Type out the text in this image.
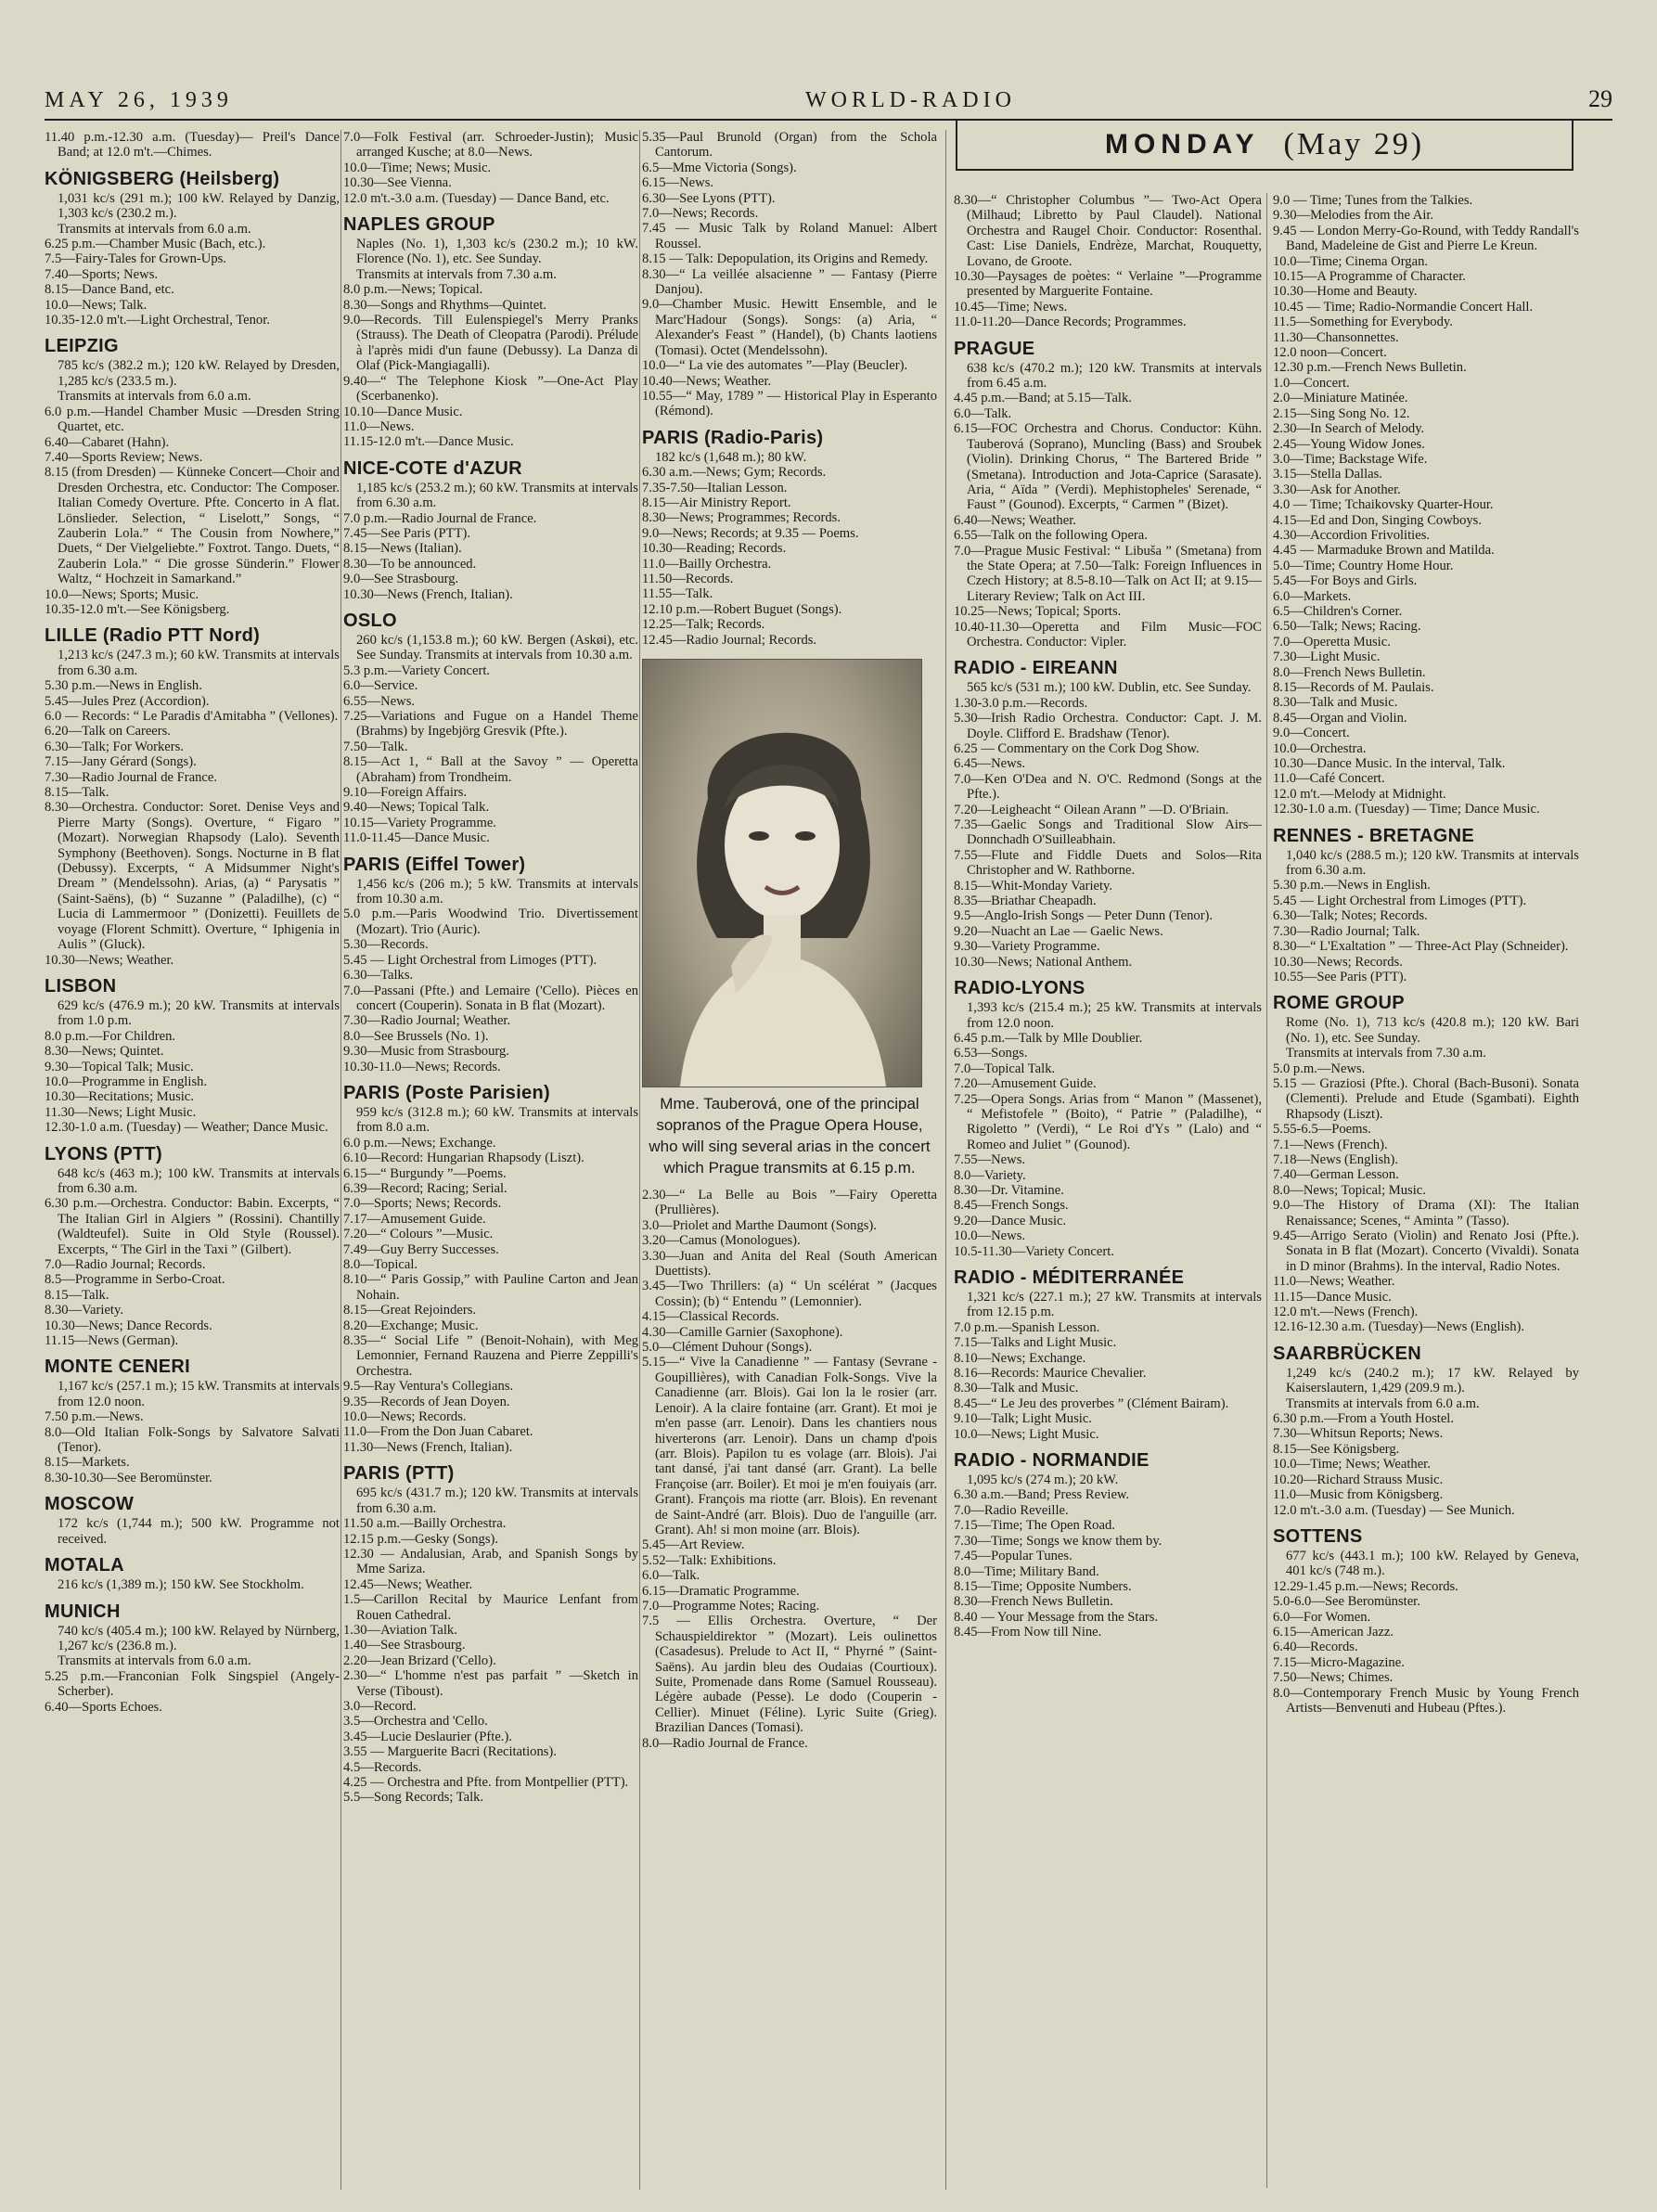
MAY 26, 1939	WORLD-RADIO	29
MONDAY (May 29)

11.40 p.m.-12.30 a.m. (Tuesday)— Preil's Dance Band; at 12.0 m't.—Chimes.

KÖNIGSBERG (Heilsberg)

1,031 kc/s (291 m.); 100 kW. Relayed by Danzig, 1,303 kc/s (230.2 m.).

Transmits at intervals from 6.0 a.m.

6.25 p.m.—Chamber Music (Bach, etc.).

7.5—Fairy-Tales for Grown-Ups.

7.40—Sports; News.

8.15—Dance Band, etc.

10.0—News; Talk.

10.35-12.0 m't.—Light Orchestral, Tenor.

LEIPZIG

785 kc/s (382.2 m.); 120 kW. Relayed by Dresden, 1,285 kc/s (233.5 m.).

Transmits at intervals from 6.0 a.m.

6.0 p.m.—Handel Chamber Music —Dresden String Quartet, etc.

6.40—Cabaret (Hahn).

7.40—Sports Review; News.

8.15 (from Dresden) — Künneke Concert—Choir and Dresden Orchestra, etc. Conductor: The Composer. Italian Comedy Overture. Pfte. Concerto in A flat. Lönslieder. Selection, “ Liselott,” Songs, “ Zauberin Lola.” “ The Cousin from Nowhere,” Duets, “ Der Vielgeliebte.” Foxtrot. Tango. Duets, “ Zauberin Lola.” “ Die grosse Sünderin.” Flower Waltz, “ Hochzeit in Samarkand.”

10.0—News; Sports; Music.

10.35-12.0 m't.—See Königsberg.

LILLE (Radio PTT Nord)

1,213 kc/s (247.3 m.); 60 kW. Transmits at intervals from 6.30 a.m.

5.30 p.m.—News in English.

5.45—Jules Prez (Accordion).

6.0 — Records: “ Le Paradis d'Amitabha ” (Vellones).

6.20—Talk on Careers.

6.30—Talk; For Workers.

7.15—Jany Gérard (Songs).

7.30—Radio Journal de France.

8.15—Talk.

8.30—Orchestra. Conductor: Soret. Denise Veys and Pierre Marty (Songs). Overture, “ Figaro ” (Mozart). Norwegian Rhapsody (Lalo). Seventh Symphony (Beethoven). Songs. Nocturne in B flat (Debussy). Excerpts, “ A Midsummer Night's Dream ” (Mendelssohn). Arias, (a) “ Parysatis ” (Saint-Saëns), (b) “ Suzanne ” (Paladilhe), (c) “ Lucia di Lammermoor ” (Donizetti). Feuillets de voyage (Florent Schmitt). Overture, “ Iphigenia in Aulis ” (Gluck).

10.30—News; Weather.

LISBON

629 kc/s (476.9 m.); 20 kW. Transmits at intervals from 1.0 p.m.

8.0 p.m.—For Children.

8.30—News; Quintet.

9.30—Topical Talk; Music.

10.0—Programme in English.

10.30—Recitations; Music.

11.30—News; Light Music.

12.30-1.0 a.m. (Tuesday) — Weather; Dance Music.

LYONS (PTT)

648 kc/s (463 m.); 100 kW. Transmits at intervals from 6.30 a.m.

6.30 p.m.—Orchestra. Conductor: Babin. Excerpts, “ The Italian Girl in Algiers ” (Rossini). Chantilly (Waldteufel). Suite in Old Style (Roussel). Excerpts, “ The Girl in the Taxi ” (Gilbert).

7.0—Radio Journal; Records.

8.5—Programme in Serbo-Croat.

8.15—Talk.

8.30—Variety.

10.30—News; Dance Records.

11.15—News (German).

MONTE CENERI

1,167 kc/s (257.1 m.); 15 kW. Transmits at intervals from 12.0 noon.

7.50 p.m.—News.

8.0—Old Italian Folk-Songs by Salvatore Salvati (Tenor).

8.15—Markets.

8.30-10.30—See Beromünster.

MOSCOW

172 kc/s (1,744 m.); 500 kW. Programme not received.

MOTALA

216 kc/s (1,389 m.); 150 kW. See Stockholm.

MUNICH

740 kc/s (405.4 m.); 100 kW. Relayed by Nürnberg, 1,267 kc/s (236.8 m.).

Transmits at intervals from 6.0 a.m.

5.25 p.m.—Franconian Folk Singspiel (Angely-Scherber).

6.40—Sports Echoes.

7.0—Folk Festival (arr. Schroeder-Justin); Music arranged Kusche; at 8.0—News.

10.0—Time; News; Music.

10.30—See Vienna.

12.0 m't.-3.0 a.m. (Tuesday) — Dance Band, etc.

NAPLES GROUP

Naples (No. 1), 1,303 kc/s (230.2 m.); 10 kW. Florence (No. 1), etc. See Sunday.

Transmits at intervals from 7.30 a.m.

8.0 p.m.—News; Topical.

8.30—Songs and Rhythms—Quintet.

9.0—Records. Till Eulenspiegel's Merry Pranks (Strauss). The Death of Cleopatra (Parodi). Prélude à l'après midi d'un faune (Debussy). La Danza di Olaf (Pick-Mangiagalli).

9.40—“ The Telephone Kiosk ”—One-Act Play (Scerbanenko).

10.10—Dance Music.

11.0—News.

11.15-12.0 m't.—Dance Music.

NICE-COTE d'AZUR

1,185 kc/s (253.2 m.); 60 kW. Transmits at intervals from 6.30 a.m.

7.0 p.m.—Radio Journal de France.

7.45—See Paris (PTT).

8.15—News (Italian).

8.30—To be announced.

9.0—See Strasbourg.

10.30—News (French, Italian).

OSLO

260 kc/s (1,153.8 m.); 60 kW. Bergen (Askøi), etc. See Sunday. Transmits at intervals from 10.30 a.m.

5.3 p.m.—Variety Concert.

6.0—Service.

6.55—News.

7.25—Variations and Fugue on a Handel Theme (Brahms) by Ingebjörg Gresvik (Pfte.).

7.50—Talk.

8.15—Act 1, “ Ball at the Savoy ” — Operetta (Abraham) from Trondheim.

9.10—Foreign Affairs.

9.40—News; Topical Talk.

10.15—Variety Programme.

11.0-11.45—Dance Music.

PARIS (Eiffel Tower)

1,456 kc/s (206 m.); 5 kW. Transmits at intervals from 10.30 a.m.

5.0 p.m.—Paris Woodwind Trio. Divertissement (Mozart). Trio (Auric).

5.30—Records.

5.45 — Light Orchestral from Limoges (PTT).

6.30—Talks.

7.0—Passani (Pfte.) and Lemaire ('Cello). Pièces en concert (Couperin). Sonata in B flat (Mozart).

7.30—Radio Journal; Weather.

8.0—See Brussels (No. 1).

9.30—Music from Strasbourg.

10.30-11.0—News; Records.

PARIS (Poste Parisien)

959 kc/s (312.8 m.); 60 kW. Transmits at intervals from 8.0 a.m.

6.0 p.m.—News; Exchange.

6.10—Record: Hungarian Rhapsody (Liszt).

6.15—“ Burgundy ”—Poems.

6.39—Record; Racing; Serial.

7.0—Sports; News; Records.

7.17—Amusement Guide.

7.20—“ Colours ”—Music.

7.49—Guy Berry Successes.

8.0—Topical.

8.10—“ Paris Gossip,” with Pauline Carton and Jean Nohain.

8.15—Great Rejoinders.

8.20—Exchange; Music.

8.35—“ Social Life ” (Benoit-Nohain), with Meg Lemonnier, Fernand Rauzena and Pierre Zeppilli's Orchestra.

9.5—Ray Ventura's Collegians.

9.35—Records of Jean Doyen.

10.0—News; Records.

11.0—From the Don Juan Cabaret.

11.30—News (French, Italian).

PARIS (PTT)

695 kc/s (431.7 m.); 120 kW. Transmits at intervals from 6.30 a.m.

11.50 a.m.—Bailly Orchestra.

12.15 p.m.—Gesky (Songs).

12.30 — Andalusian, Arab, and Spanish Songs by Mme Sariza.

12.45—News; Weather.

1.5—Carillon Recital by Maurice Lenfant from Rouen Cathedral.

1.30—Aviation Talk.

1.40—See Strasbourg.

2.20—Jean Brizard ('Cello).

2.30—“ L'homme n'est pas parfait ” —Sketch in Verse (Tiboust).

3.0—Record.

3.5—Orchestra and 'Cello.

3.45—Lucie Deslaurier (Pfte.).

3.55 — Marguerite Bacri (Recitations).

4.5—Records.

4.25 — Orchestra and Pfte. from Montpellier (PTT).

5.5—Song Records; Talk.

5.35—Paul Brunold (Organ) from the Schola Cantorum.

6.5—Mme Victoria (Songs).

6.15—News.

6.30—See Lyons (PTT).

7.0—News; Records.

7.45 — Music Talk by Roland Manuel: Albert Roussel.

8.15 — Talk: Depopulation, its Origins and Remedy.

8.30—“ La veillée alsacienne ” — Fantasy (Pierre Danjou).

9.0—Chamber Music. Hewitt Ensemble, and le Marc'Hadour (Songs). Songs: (a) Aria, “ Alexander's Feast ” (Handel), (b) Chants laotiens (Tomasi). Octet (Mendelssohn).

10.0—“ La vie des automates ”—Play (Beucler).

10.40—News; Weather.

10.55—“ May, 1789 ” — Historical Play in Esperanto (Rémond).

PARIS (Radio-Paris)

182 kc/s (1,648 m.); 80 kW.

6.30 a.m.—News; Gym; Records.

7.35-7.50—Italian Lesson.

8.15—Air Ministry Report.

8.30—News; Programmes; Records.

9.0—News; Records; at 9.35 — Poems.

10.30—Reading; Records.

11.0—Bailly Orchestra.

11.50—Records.

11.55—Talk.

12.10 p.m.—Robert Buguet (Songs).

12.25—Talk; Records.

12.45—Radio Journal; Records.

Mme. Tauberová, one of the principal sopranos of the Prague Opera House, who will sing several arias in the concert which Prague transmits at 6.15 p.m.

2.30—“ La Belle au Bois ”—Fairy Operetta (Prullières).

3.0—Priolet and Marthe Daumont (Songs).

3.20—Camus (Monologues).

3.30—Juan and Anita del Real (South American Duettists).

3.45—Two Thrillers: (a) “ Un scélérat ” (Jacques Cossin); (b) “ Entendu ” (Lemonnier).

4.15—Classical Records.

4.30—Camille Garnier (Saxophone).

5.0—Clément Duhour (Songs).

5.15—“ Vive la Canadienne ” — Fantasy (Sevrane - Goupillières), with Canadian Folk-Songs. Vive la Canadienne (arr. Blois). Gai lon la le rosier (arr. Lenoir). A la claire fontaine (arr. Grant). Et moi je m'en passe (arr. Lenoir). Dans les chantiers nous hiverterons (arr. Lenoir). Dans un champ d'pois (arr. Blois). Papilon tu es volage (arr. Blois). J'ai tant dansé, j'ai tant dansé (arr. Grant). La belle Françoise (arr. Boiler). Et moi je m'en fouiyais (arr. Grant). François ma riotte (arr. Blois). En revenant de Saint-André (arr. Blois). Duo de l'anguille (arr. Grant). Ah! si mon moine (arr. Blois).

5.45—Art Review.

5.52—Talk: Exhibitions.

6.0—Talk.

6.15—Dramatic Programme.

7.0—Programme Notes; Racing.

7.5 — Ellis Orchestra. Overture, “ Der Schauspieldirektor ” (Mozart). Leis oulinettos (Casadesus). Prelude to Act II, “ Phyrné ” (Saint-Saëns). Au jardin bleu des Oudaias (Courtioux). Suite, Promenade dans Rome (Samuel Rousseau). Légère aubade (Pesse). Le dodo (Couperin - Cellier). Minuet (Féline). Lyric Suite (Grieg). Brazilian Dances (Tomasi).

8.0—Radio Journal de France.

8.30—“ Christopher Columbus ”— Two-Act Opera (Milhaud; Libretto by Paul Claudel). National Orchestra and Raugel Choir. Conductor: Rosenthal. Cast: Lise Daniels, Endrèze, Marchat, Rouquetty, Lovano, de Groote.

10.30—Paysages de poètes: “ Verlaine ”—Programme presented by Marguerite Fontaine.

10.45—Time; News.

11.0-11.20—Dance Records; Programmes.

PRAGUE

638 kc/s (470.2 m.); 120 kW. Transmits at intervals from 6.45 a.m.

4.45 p.m.—Band; at 5.15—Talk.

6.0—Talk.

6.15—FOC Orchestra and Chorus. Conductor: Kühn. Tauberová (Soprano), Muncling (Bass) and Sroubek (Violin). Drinking Chorus, “ The Bartered Bride ” (Smetana). Introduction and Jota-Caprice (Sarasate). Aria, “ Aïda ” (Verdi). Mephistopheles' Serenade, “ Faust ” (Gounod). Excerpts, “ Carmen ” (Bizet).

6.40—News; Weather.

6.55—Talk on the following Opera.

7.0—Prague Music Festival: “ Libuša ” (Smetana) from the State Opera; at 7.50—Talk: Foreign Influences in Czech History; at 8.5-8.10—Talk on Act II; at 9.15—Literary Review; Talk on Act III.

10.25—News; Topical; Sports.

10.40-11.30—Operetta and Film Music—FOC Orchestra. Conductor: Vipler.

RADIO - EIREANN

565 kc/s (531 m.); 100 kW. Dublin, etc. See Sunday.

1.30-3.0 p.m.—Records.

5.30—Irish Radio Orchestra. Conductor: Capt. J. M. Doyle. Clifford E. Bradshaw (Tenor).

6.25 — Commentary on the Cork Dog Show.

6.45—News.

7.0—Ken O'Dea and N. O'C. Redmond (Songs at the Pfte.).

7.20—Leigheacht “ Oilean Arann ” —D. O'Briain.

7.35—Gaelic Songs and Traditional Slow Airs—Donnchadh O'Suilleabhain.

7.55—Flute and Fiddle Duets and Solos—Rita Christopher and W. Rathborne.

8.15—Whit-Monday Variety.

8.35—Briathar Cheapadh.

9.5—Anglo-Irish Songs — Peter Dunn (Tenor).

9.20—Nuacht an Lae — Gaelic News.

9.30—Variety Programme.

10.30—News; National Anthem.

RADIO-LYONS

1,393 kc/s (215.4 m.); 25 kW. Transmits at intervals from 12.0 noon.

6.45 p.m.—Talk by Mlle Doublier.

6.53—Songs.

7.0—Topical Talk.

7.20—Amusement Guide.

7.25—Opera Songs. Arias from “ Manon ” (Massenet), “ Mefistofele ” (Boito), “ Patrie ” (Paladilhe), “ Rigoletto ” (Verdi), “ Le Roi d'Ys ” (Lalo) and “ Romeo and Juliet ” (Gounod).

7.55—News.

8.0—Variety.

8.30—Dr. Vitamine.

8.45—French Songs.

9.20—Dance Music.

10.0—News.

10.5-11.30—Variety Concert.

RADIO - MÉDITERRANÉE

1,321 kc/s (227.1 m.); 27 kW. Transmits at intervals from 12.15 p.m.

7.0 p.m.—Spanish Lesson.

7.15—Talks and Light Music.

8.10—News; Exchange.

8.16—Records: Maurice Chevalier.

8.30—Talk and Music.

8.45—“ Le Jeu des proverbes ” (Clément Bairam).

9.10—Talk; Light Music.

10.0—News; Light Music.

RADIO - NORMANDIE

1,095 kc/s (274 m.); 20 kW.

6.30 a.m.—Band; Press Review.

7.0—Radio Reveille.

7.15—Time; The Open Road.

7.30—Time; Songs we know them by.

7.45—Popular Tunes.

8.0—Time; Military Band.

8.15—Time; Opposite Numbers.

8.30—French News Bulletin.

8.40 — Your Message from the Stars.

8.45—From Now till Nine.

9.0 — Time; Tunes from the Talkies.

9.30—Melodies from the Air.

9.45 — London Merry-Go-Round, with Teddy Randall's Band, Madeleine de Gist and Pierre Le Kreun.

10.0—Time; Cinema Organ.

10.15—A Programme of Character.

10.30—Home and Beauty.

10.45 — Time; Radio-Normandie Concert Hall.

11.5—Something for Everybody.

11.30—Chansonnettes.

12.0 noon—Concert.

12.30 p.m.—French News Bulletin.

1.0—Concert.

2.0—Miniature Matinée.

2.15—Sing Song No. 12.

2.30—In Search of Melody.

2.45—Young Widow Jones.

3.0—Time; Backstage Wife.

3.15—Stella Dallas.

3.30—Ask for Another.

4.0 — Time; Tchaikovsky Quarter-Hour.

4.15—Ed and Don, Singing Cowboys.

4.30—Accordion Frivolities.

4.45 — Marmaduke Brown and Matilda.

5.0—Time; Country Home Hour.

5.45—For Boys and Girls.

6.0—Markets.

6.5—Children's Corner.

6.50—Talk; News; Racing.

7.0—Operetta Music.

7.30—Light Music.

8.0—French News Bulletin.

8.15—Records of M. Paulais.

8.30—Talk and Music.

8.45—Organ and Violin.

9.0—Concert.

10.0—Orchestra.

10.30—Dance Music. In the interval, Talk.

11.0—Café Concert.

12.0 m't.—Melody at Midnight.

12.30-1.0 a.m. (Tuesday) — Time; Dance Music.

RENNES - BRETAGNE

1,040 kc/s (288.5 m.); 120 kW. Transmits at intervals from 6.30 a.m.

5.30 p.m.—News in English.

5.45 — Light Orchestral from Limoges (PTT).

6.30—Talk; Notes; Records.

7.30—Radio Journal; Talk.

8.30—“ L'Exaltation ” — Three-Act Play (Schneider).

10.30—News; Records.

10.55—See Paris (PTT).

ROME GROUP

Rome (No. 1), 713 kc/s (420.8 m.); 120 kW. Bari (No. 1), etc. See Sunday.

Transmits at intervals from 7.30 a.m.

5.0 p.m.—News.

5.15 — Graziosi (Pfte.). Choral (Bach-Busoni). Sonata (Clementi). Prelude and Etude (Sgambati). Eighth Rhapsody (Liszt).

5.55-6.5—Poems.

7.1—News (French).

7.18—News (English).

7.40—German Lesson.

8.0—News; Topical; Music.

9.0—The History of Drama (XI): The Italian Renaissance; Scenes, “ Aminta ” (Tasso).

9.45—Arrigo Serato (Violin) and Renato Josi (Pfte.). Sonata in B flat (Mozart). Concerto (Vivaldi). Sonata in D minor (Brahms). In the interval, Radio Notes.

11.0—News; Weather.

11.15—Dance Music.

12.0 m't.—News (French).

12.16-12.30 a.m. (Tuesday)—News (English).

SAARBRÜCKEN

1,249 kc/s (240.2 m.); 17 kW. Relayed by Kaiserslautern, 1,429 (209.9 m.).

Transmits at intervals from 6.0 a.m.

6.30 p.m.—From a Youth Hostel.

7.30—Whitsun Reports; News.

8.15—See Königsberg.

10.0—Time; News; Weather.

10.20—Richard Strauss Music.

11.0—Music from Königsberg.

12.0 m't.-3.0 a.m. (Tuesday) — See Munich.

SOTTENS

677 kc/s (443.1 m.); 100 kW. Relayed by Geneva, 401 kc/s (748 m.).

12.29-1.45 p.m.—News; Records.

5.0-6.0—See Beromünster.

6.0—For Women.

6.15—American Jazz.

6.40—Records.

7.15—Micro-Magazine.

7.50—News; Chimes.

8.0—Contemporary French Music by Young French Artists—Benvenuti and Hubeau (Pftes.).
